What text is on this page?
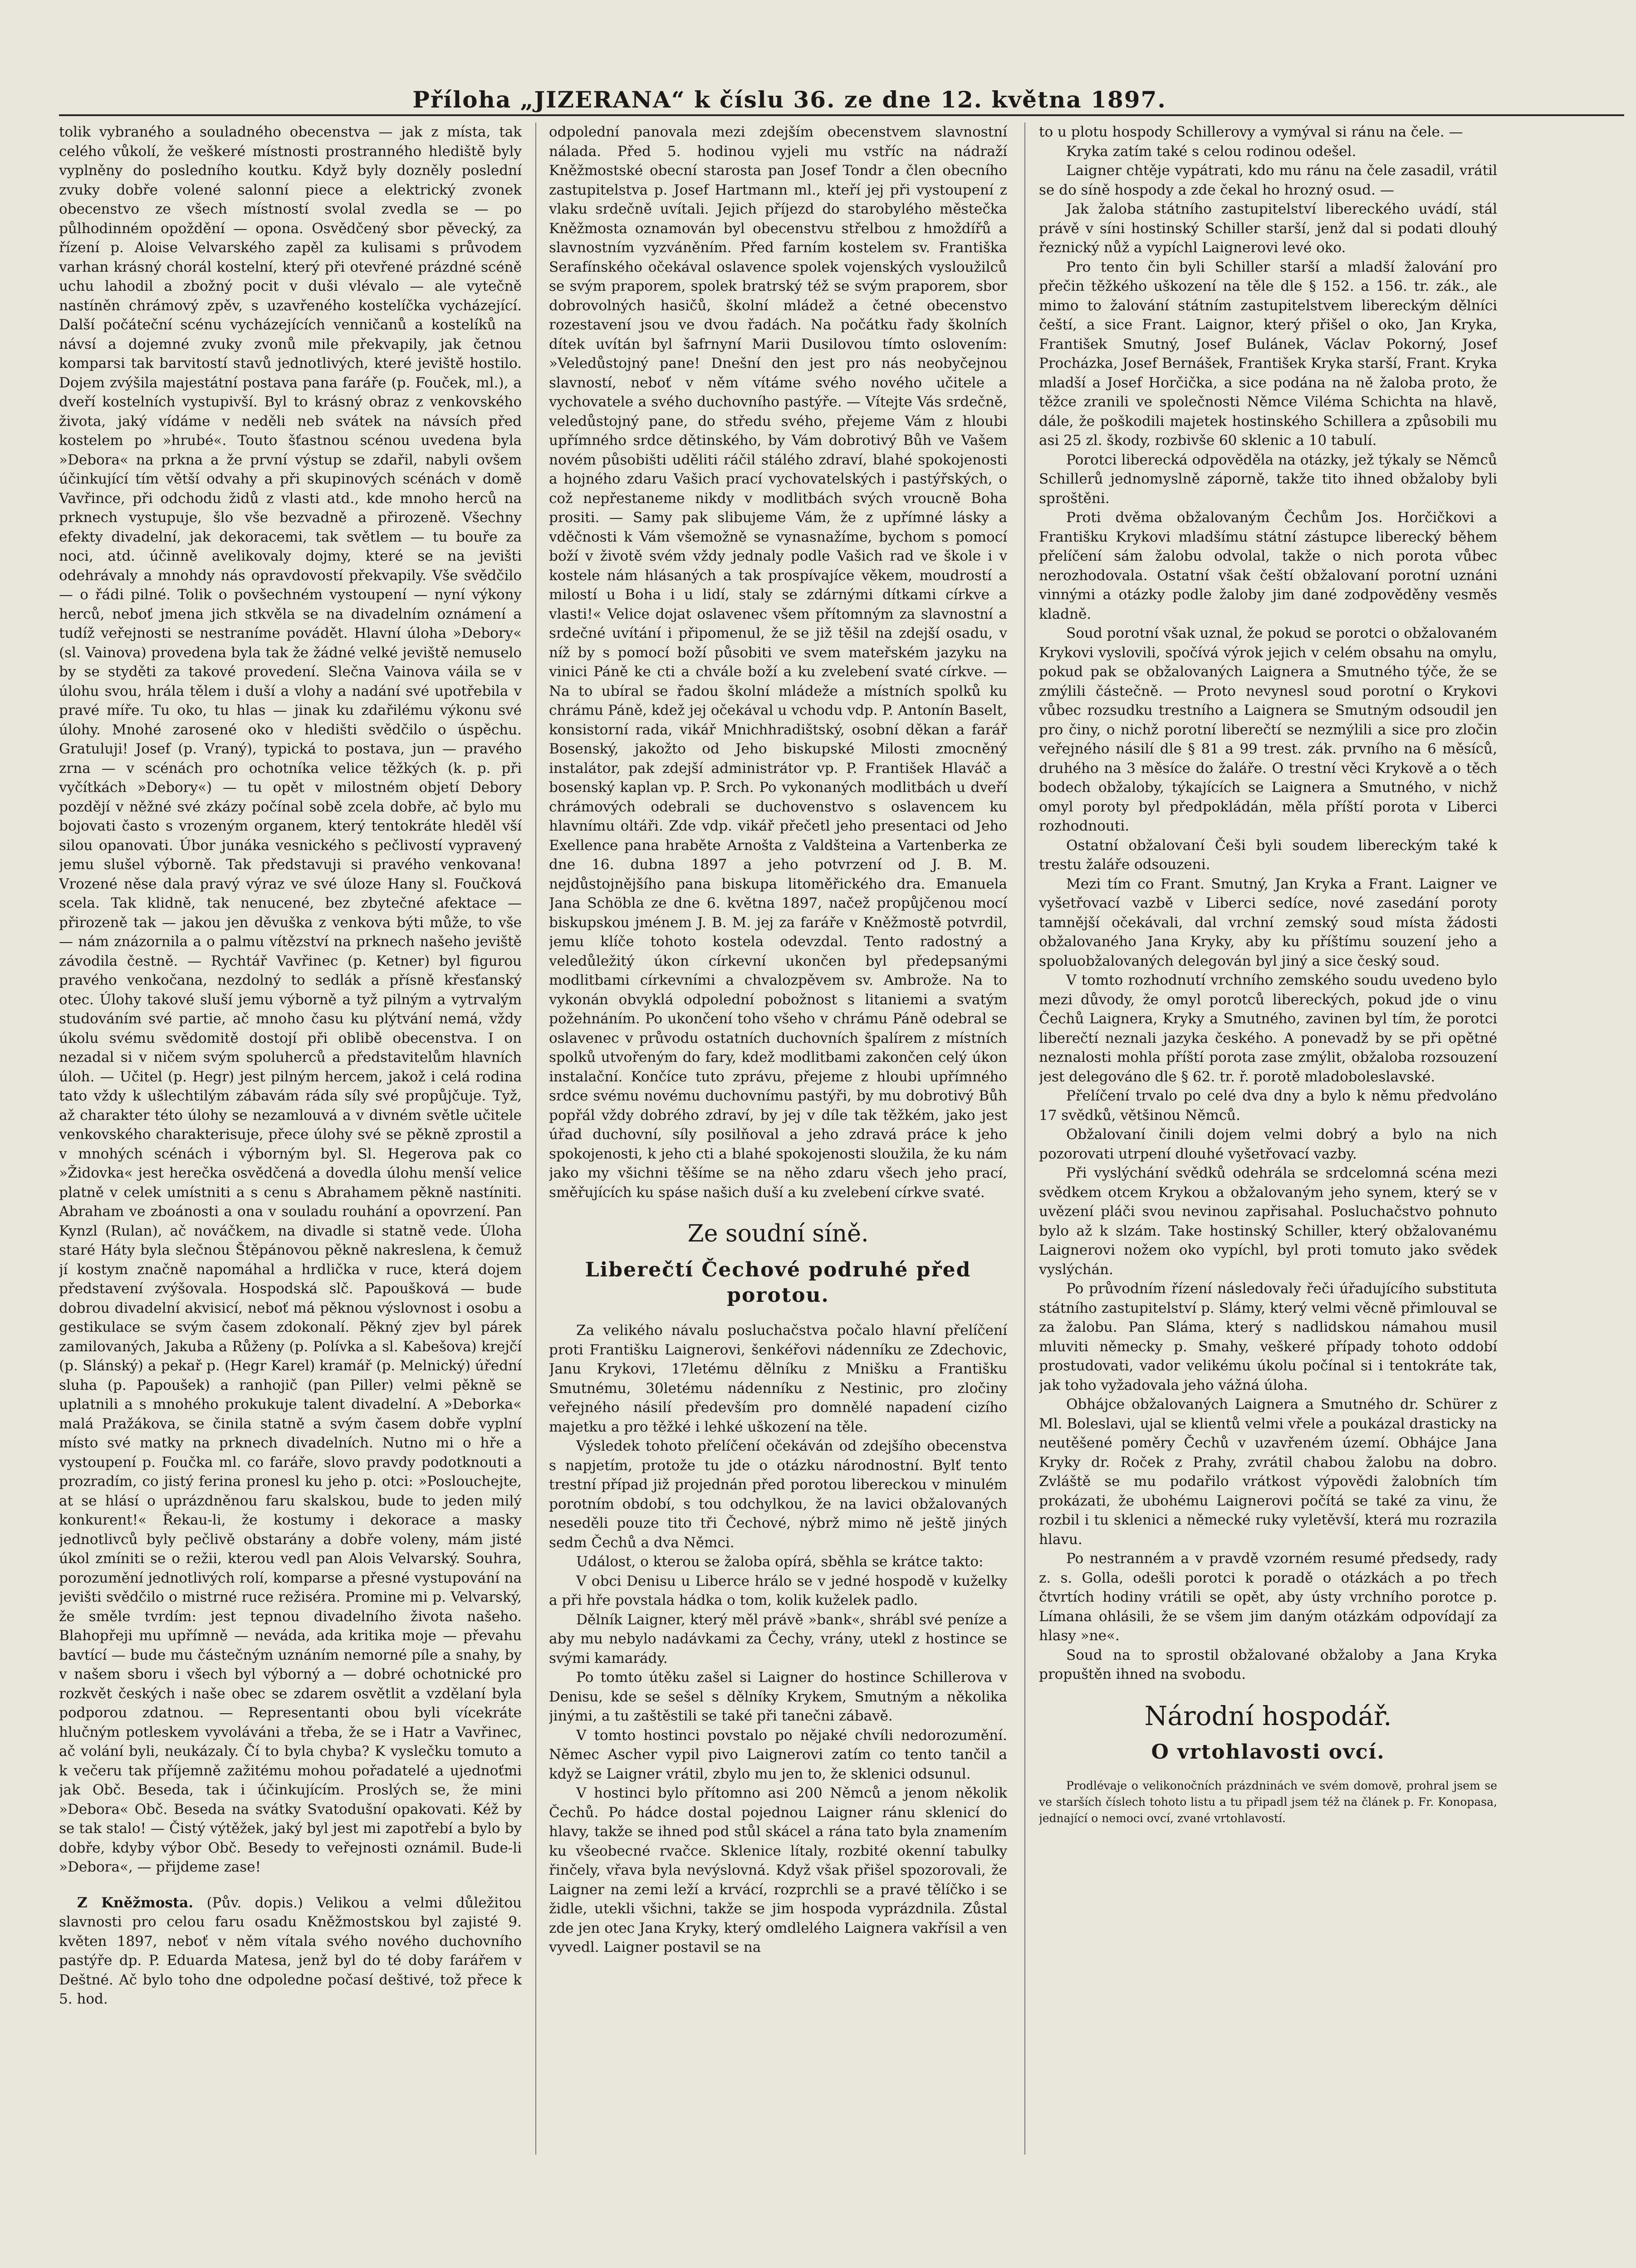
Příloha „JIZERANA“ k číslu 36. ze dne 12. května 1897.

tolik vybraného a souladného obecenstva — jak z místa, tak celého vůkolí, že veškeré místnosti prostranného hlediště byly vyplněny do posledního koutku. Když byly dozněly poslední zvuky dobře volené salonní piece a elektrický zvonek obecenstvo ze všech místností svolal zvedla se — po půlhodinném opoždění — opona. Osvědčený sbor pěvecký, za řízení p. Aloise Velvarského zapěl za kulisami s průvodem varhan krásný chorál kostelní, který při otevřené prázdné scéně uchu lahodil a zbožný pocit v duši vlévalo — ale vytečně nastíněn chrámový zpěv, s uzavřeného kostelíčka vycházející. Další počáteční scénu vycházejících venničanů a kostelíků na návsí a dojemné zvuky zvonů mile překvapily, jak četnou komparsi tak barvitostí stavů jednotlivých, které jeviště hostilo. Dojem zvýšila majestátní postava pana faráře (p. Fouček, ml.), a dveří kostelních vystupivší. Byl to krásný obraz z venkovského života, jaký vídáme v neděli neb svátek na návsích před kostelem po »hrubé«. Touto šťastnou scénou uvedena byla »Debora« na prkna a že první výstup se zdařil, nabyli ovšem účinkující tím větší odvahy a při skupinových scénách v domě Vavřince, při odchodu židů z vlasti atd., kde mnoho herců na prknech vystupuje, šlo vše bezvadně a přirozeně. Všechny efekty divadelní, jak dekoracemi, tak světlem — tu bouře za noci, atd. účinně avelikovaly dojmy, které se na jevišti odehrávaly a mnohdy nás opravdovostí překvapily. Vše svědčilo — o řádi pilné. Tolik o povšechném vystoupení — nyní výkony herců, neboť jmena jich stkvěla se na divadelním oznámení a tudíž veřejnosti se nestraníme povádět. Hlavní úloha »Debory« (sl. Vainova) provedena byla tak že žádné velké jeviště nemuselo by se styděti za takové provedení. Slečna Vainova váila se v úlohu svou, hrála tělem i duší a vlohy a nadání své upotřebila v pravé míře. Tu oko, tu hlas — jinak ku zdařilému výkonu své úlohy. Mnohé zarosené oko v hledišti svědčilo o úspěchu. Gratuluji! Josef (p. Vraný), typická to postava, jun — pravého zrna — v scénách pro ochotníka velice těžkých (k. p. při vyčítkách »Debory«) — tu opět v milostném objetí Debory pozdějí v něžné své zkázy počínal sobě zcela dobře, ač bylo mu bojovati často s vrozeným organem, který tentokráte hleděl vší silou opanovati. Úbor junáka vesnického s pečlivostí vypravený jemu slušel výborně. Tak představuji si pravého venkovana! Vrozené něse dala pravý výraz ve své úloze Hany sl. Foučková scela. Tak klidně, tak nenucené, bez zbytečné afektace — přirozeně tak — jakou jen děvuška z venkova býti může, to vše — nám znázornila a o palmu vítězství na prknech našeho jeviště závodila čestně. — Rychtář Vavřinec (p. Ketner) byl figurou pravého venkočana, nezdolný to sedlák a přísně křesťanský otec. Úlohy takové sluší jemu výborně a tyž pilným a vytrvalým studováním své partie, ač mnoho času ku plýtvání nemá, vždy úkolu svému svědomitě dostojí při oblibě obecenstva. I on nezadal si v ničem svým spoluherců a představitelům hlavních úloh. — Učitel (p. Hegr) jest pilným hercem, jakož i celá rodina tato vždy k ušlechtilým zábavám ráda síly své propůjčuje. Tyž, až charakter této úlohy se nezamlouvá a v divném světle učitele venkovského charakterisuje, přece úlohy své se pěkně zprostil a v mnohých scénách i výborným byl. Sl. Hegerova pak co »Židovka« jest herečka osvědčená a dovedla úlohu menší velice platně v celek umístniti a s cenu s Abrahamem pěkně nastíniti. Abraham ve zboánosti a ona v souladu rouhání a opovrzení. Pan Kynzl (Rulan), ač nováčkem, na divadle si statně vede. Úloha staré Háty byla slečnou Štěpánovou pěkně nakreslena, k čemuž jí kostym značně napomáhal a hrdlička v ruce, která dojem představení zvýšovala. Hospodská slč. Papoušková — bude dobrou divadelní akvisicí, neboť má pěknou výslovnost i osobu a gestikulace se svým časem zdokonalí. Pěkný zjev byl párek zamilovaných, Jakuba a Růženy (p. Polívka a sl. Kabešova) krejčí (p. Slánský) a pekař p. (Hegr Karel) kramář (p. Melnický) úřední sluha (p. Papoušek) a ranhojič (pan Piller) velmi pěkně se uplatnili a s mnohého prokukuje talent divadelní. A »Deborka« malá Pražákova, se činila statně a svým časem dobře vyplní místo své matky na prknech divadelních. Nutno mi o hře a vystoupení p. Foučka ml. co faráře, slovo pravdy podotknouti a prozradím, co jistý ferina pronesl ku jeho p. otci: »Poslouchejte, at se hlásí o uprázdněnou faru skalskou, bude to jeden milý konkurent!« Řekau-li, že kostumy i dekorace a masky jednotlivců byly pečlivě obstarány a dobře voleny, mám jisté úkol zmíniti se o režii, kterou vedl pan Alois Velvarský. Souhra, porozumění jednotlivých rolí, komparse a přesné vystupování na jevišti svědčilo o mistrné ruce režiséra. Promine mi p. Velvarský, že směle tvrdím: jest tepnou divadelního života našeho. Blahopřeji mu upřímně — neváda, ada kritika moje — převahu bavtící — bude mu částečným uznáním nemorné píle a snahy, by v našem sboru i všech byl výborný a — dobré ochotnické pro rozkvět českých i naše obec se zdarem osvětlit a vzdělaní byla podporou zdatnou. — Representanti obou byli vícekráte hlučným potleskem vyvoláváni a třeba, že se i Hatr a Vavřinec, ač volání byli, neukázaly. Čí to byla chyba? K vyslečku tomuto a k večeru tak příjemně zažitému mohou pořadatelé a ujednoťmi jak Obč. Beseda, tak i účinkujícím. Proslých se, že mini »Debora« Obč. Beseda na svátky Svatodušní opakovati. Kéž by se tak stalo! — Čistý výtěžek, jaký byl jest mi zapotřebí a bylo by dobře, kdyby výbor Obč. Besedy to veřejnosti oznámil. Bude-li »Debora«, — přijdeme zase!

Z Kněžmosta. (Pův. dopis.) Velikou a velmi důležitou slavnosti pro celou faru osadu Kněžmostskou byl zajisté 9. květen 1897, neboť v něm vítala svého nového duchovního pastýře dp. P. Eduarda Matesa, jenž byl do té doby farářem v Deštné. Ač bylo toho dne odpoledne počasí deštivé, tož přece k 5. hod.

odpolední panovala mezi zdejším obecenstvem slavnostní nálada. Před 5. hodinou vyjeli mu vstříc na nádraží Kněžmostské obecní starosta pan Josef Tondr a člen obecního zastupitelstva p. Josef Hartmann ml., kteří jej při vystoupení z vlaku srdečně uvítali. Jejich příjezd do starobylého městečka Kněžmosta oznamován byl obecenstvu střelbou z hmoždířů a slavnostním vyzváněním. Před farním kostelem sv. Františka Serafínského očekával oslavence spolek vojenských vysloužilců se svým praporem, spolek bratrský též se svým praporem, sbor dobrovolných hasičů, školní mládež a četné obecenstvo rozestavení jsou ve dvou řadách. Na počátku řady školních dítek uvítán byl šafrnyní Marii Dusilovou tímto oslovením: »Veledůstojný pane! Dnešní den jest pro nás neobyčejnou slavností, neboť v něm vítáme svého nového učitele a vychovatele a svého duchovního pastýře. — Vítejte Vás srdečně, veledůstojný pane, do středu svého, přejeme Vám z hloubi upřímného srdce dětinského, by Vám dobrotivý Bůh ve Vašem novém působišti uděliti ráčil stálého zdraví, blahé spokojenosti a hojného zdaru Vašich prací vychovatelských i pastýřských, o což nepřestaneme nikdy v modlitbách svých vroucně Boha prositi. — Samy pak slibujeme Vám, že z upřímné lásky a vděčnosti k Vám všemožně se vynasnažíme, bychom s pomocí boží v životě svém vždy jednaly podle Vašich rad ve škole i v kostele nám hlásaných a tak prospívajíce věkem, moudrostí a milostí u Boha i u lidí, staly se zdárnými dítkami církve a vlasti!« Velice dojat oslavenec všem přítomným za slavnostní a srdečné uvítání i připomenul, že se již těšil na zdejší osadu, v níž by s pomocí boží působiti ve svem mateřském jazyku na vinici Páně ke cti a chvále boží a ku zvelebení svaté církve. — Na to ubíral se řadou školní mládeže a místních spolků ku chrámu Páně, kdež jej očekával u vchodu vdp. P. Antonín Baselt, konsistorní rada, vikář Mnichhradištský, osobní děkan a farář Bosenský, jakožto od Jeho biskupské Milosti zmocněný instalátor, pak zdejší administrátor vp. P. František Hlaváč a bosenský kaplan vp. P. Srch. Po vykonaných modlitbách u dveří chrámových odebrali se duchovenstvo s oslavencem ku hlavnímu oltáři. Zde vdp. vikář přečetl jeho presentaci od Jeho Exellence pana hraběte Arnošta z Valdšteina a Vartenberka ze dne 16. dubna 1897 a jeho potvrzení od J. B. M. nejdůstojnějšího pana biskupa litoměřického dra. Emanuela Jana Schöbla ze dne 6. května 1897, načež propůjčenou mocí biskupskou jménem J. B. M. jej za faráře v Kněžmostě potvrdil, jemu klíče tohoto kostela odevzdal. Tento radostný a veledůležitý úkon církevní ukončen byl předepsanými modlitbami církevními a chvalozpěvem sv. Ambrože. Na to vykonán obvyklá odpolední pobožnost s litaniemi a svatým požehnáním. Po ukončení toho všeho v chrámu Páně odebral se oslavenec v průvodu ostatních duchovních špalírem z místních spolků utvořeným do fary, kdež modlitbami zakončen celý úkon instalační. Končíce tuto zprávu, přejeme z hloubi upřímného srdce svému novému duchovnímu pastýři, by mu dobrotivý Bůh popřál vždy dobrého zdraví, by jej v díle tak těžkém, jako jest úřad duchovní, síly posilňoval a jeho zdravá práce k jeho spokojenosti, k jeho cti a blahé spokojenosti sloužila, že ku nám jako my všichni těšíme se na něho zdaru všech jeho prací, směřujících ku spáse našich duší a ku zvelebení církve svaté.

Ze soudní síně.
Liberečtí Čechové podruhé před porotou.

Za velikého návalu posluchačstva počalo hlavní přelíčení proti Františku Laignerovi, šenkéřovi nádenníku ze Zdechovic, Janu Krykovi, 17letému dělníku z Mnišku a Františku Smutnému, 30letému nádenníku z Nestinic, pro zločiny veřejného násilí především pro domnělé napadení cizího majetku a pro těžké i lehké uškození na těle.

Výsledek tohoto přelíčení očekáván od zdejšího obecenstva s napjetím, protože tu jde o otázku národnostní. Bylť tento trestní případ již projednán před porotou libereckou v minulém porotním období, s tou odchylkou, že na lavici obžalovaných neseděli pouze tito tři Čechové, nýbrž mimo ně ještě jiných sedm Čechů a dva Němci.

Událost, o kterou se žaloba opírá, sběhla se krátce takto:

V obci Denisu u Liberce hrálo se v jedné hospodě v kuželky a při hře povstala hádka o tom, kolik kuželek padlo.

Dělník Laigner, který měl právě »bank«, shrábl své peníze a aby mu nebylo nadávkami za Čechy, vrány, utekl z hostince se svými kamarády.

Po tomto útěku zašel si Laigner do hostince Schillerova v Denisu, kde se sešel s dělníky Krykem, Smutným a několika jinými, a tu zaštěstili se také při tanečni zábavě.

V tomto hostinci povstalo po nějaké chvíli nedorozumění. Němec Ascher vypil pivo Laignerovi zatím co tento tančil a když se Laigner vrátil, zbylo mu jen to, že sklenici odsunul.

V hostinci bylo přítomno asi 200 Němců a jenom několik Čechů. Po hádce dostal pojednou Laigner ránu sklenicí do hlavy, takže se ihned pod stůl skácel a rána tato byla znamením ku všeobecné rvačce. Sklenice lítaly, rozbité okenní tabulky řinčely, vřava byla nevýslovná. Když však přišel spozorovali, že Laigner na zemi leží a krvácí, rozprchli se a pravé tělíčko i se židle, utekli všichni, takže se jim hospoda vyprázdnila. Zůstal zde jen otec Jana Kryky, který omdlelého Laignera vakřísil a ven vyvedl. Laigner postavil se na

to u plotu hospody Schillerovy a vymýval si ránu na čele. —

Kryka zatím také s celou rodinou odešel.

Laigner chtěje vypátrati, kdo mu ránu na čele zasadil, vrátil se do síně hospody a zde čekal ho hrozný osud. —

Jak žaloba státního zastupitelství libereckého uvádí, stál právě v síni hostinský Schiller starší, jenž dal si podati dlouhý řeznický nůž a vypíchl Laignerovi levé oko.

Pro tento čin byli Schiller starší a mladší žalování pro přečin těžkého uškození na těle dle § 152. a 156. tr. zák., ale mimo to žalování státním zastupitelstvem libereckým dělníci čeští, a sice Frant. Laignor, který přišel o oko, Jan Kryka, František Smutný, Josef Bulánek, Václav Pokorný, Josef Procházka, Josef Bernášek, František Kryka starší, Frant. Kryka mladší a Josef Horčička, a sice podána na ně žaloba proto, že těžce zranili ve společnosti Němce Viléma Schichta na hlavě, dále, že poškodili majetek hostinského Schillera a způsobili mu asi 25 zl. škody, rozbivše 60 sklenic a 10 tabulí.

Porotci liberecká odpověděla na otázky, jež týkaly se Němců Schillerů jednomyslně záporně, takže tito ihned obžaloby byli sproštěni.

Proti dvěma obžalovaným Čechům Jos. Horčičkovi a Františku Krykovi mladšímu státní zástupce liberecký během přelíčení sám žalobu odvolal, takže o nich porota vůbec nerozhodovala. Ostatní však čeští obžalovaní porotní uznáni vinnými a otázky podle žaloby jim dané zodpověděny vesměs kladně.

Soud porotní však uznal, že pokud se porotci o obžalovaném Krykovi vyslovili, spočívá výrok jejich v celém obsahu na omylu, pokud pak se obžalovaných Laignera a Smutného týče, že se zmýlili částečně. — Proto nevynesl soud porotní o Krykovi vůbec rozsudku trestního a Laignera se Smutným odsoudil jen pro činy, o nichž porotní liberečtí se nezmýlili a sice pro zločin veřejného násilí dle § 81 a 99 trest. zák. prvního na 6 měsíců, druhého na 3 měsíce do žaláře. O trestní věci Krykově a o těch bodech obžaloby, týkajících se Laignera a Smutného, v nichž omyl poroty byl předpokládán, měla příští porota v Liberci rozhodnouti.

Ostatní obžalovaní Češi byli soudem libereckým také k trestu žaláře odsouzeni.

Mezi tím co Frant. Smutný, Jan Kryka a Frant. Laigner ve vyšetřovací vazbě v Liberci sedíce, nové zasedání poroty tamnější očekávali, dal vrchní zemský soud místa žádosti obžalovaného Jana Kryky, aby ku příštímu souzení jeho a spoluobžalovaných delegován byl jiný a sice český soud.

V tomto rozhodnutí vrchního zemského soudu uvedeno bylo mezi důvody, že omyl porotců libereckých, pokud jde o vinu Čechů Laignera, Kryky a Smutného, zavinen byl tím, že porotci liberečtí neznali jazyka českého. A ponevadž by se při opětné neznalosti mohla příští porota zase zmýlit, obžaloba rozsouzení jest delegováno dle § 62. tr. ř. porotě mladoboleslavské.

Přelíčení trvalo po celé dva dny a bylo k němu předvoláno 17 svědků, většinou Němců.

Obžalovaní činili dojem velmi dobrý a bylo na nich pozorovati utrpení dlouhé vyšetřovací vazby.

Při vyslýchání svědků odehrála se srdcelomná scéna mezi svědkem otcem Krykou a obžalovaným jeho synem, který se v uvězení pláči svou nevinou zapřisahal. Posluchačstvo pohnuto bylo až k slzám. Take hostinský Schiller, který obžalovanému Laignerovi nožem oko vypíchl, byl proti tomuto jako svědek vyslýchán.

Po průvodním řízení následovaly řeči úřadujícího substituta státního zastupitelství p. Slámy, který velmi věcně přimlouval se za žalobu. Pan Sláma, který s nadlidskou námahou musil mluviti německy p. Smahy, veškeré případy tohoto oddobí prostudovati, vador velikému úkolu počínal si i tentokráte tak, jak toho vyžadovala jeho vážná úloha.

Obhájce obžalovaných Laignera a Smutného dr. Schürer z Ml. Boleslavi, ujal se klientů velmi vřele a poukázal drasticky na neutěšené poměry Čechů v uzavřeném území. Obhájce Jana Kryky dr. Roček z Prahy, zvrátil chabou žalobu na dobro. Zvláště se mu podařilo vrátkost výpovědi žalobních tím prokázati, že ubohému Laignerovi počítá se také za vinu, že rozbil i tu sklenici a německé ruky vyletěvší, která mu rozrazila hlavu.

Po nestranném a v pravdě vzorném resumé předsedy, rady z. s. Golla, odešli porotci k poradě o otázkách a po třech čtvrtích hodiny vrátili se opět, aby ústy vrchního porotce p. Límana ohlásili, že se všem jim daným otázkám odpovídají za hlasy »ne«.

Soud na to sprostil obžalované obžaloby a Jana Kryka propuštěn ihned na svobodu.

Národní hospodář.
O vrtohlavosti ovcí.

Prodlévaje o velikonočních prázdninách ve svém domově, prohral jsem se ve starších číslech tohoto listu a tu připadl jsem též na článek p. Fr. Konopasa, jednající o nemoci ovcí, zvané vrtohlavostí.
